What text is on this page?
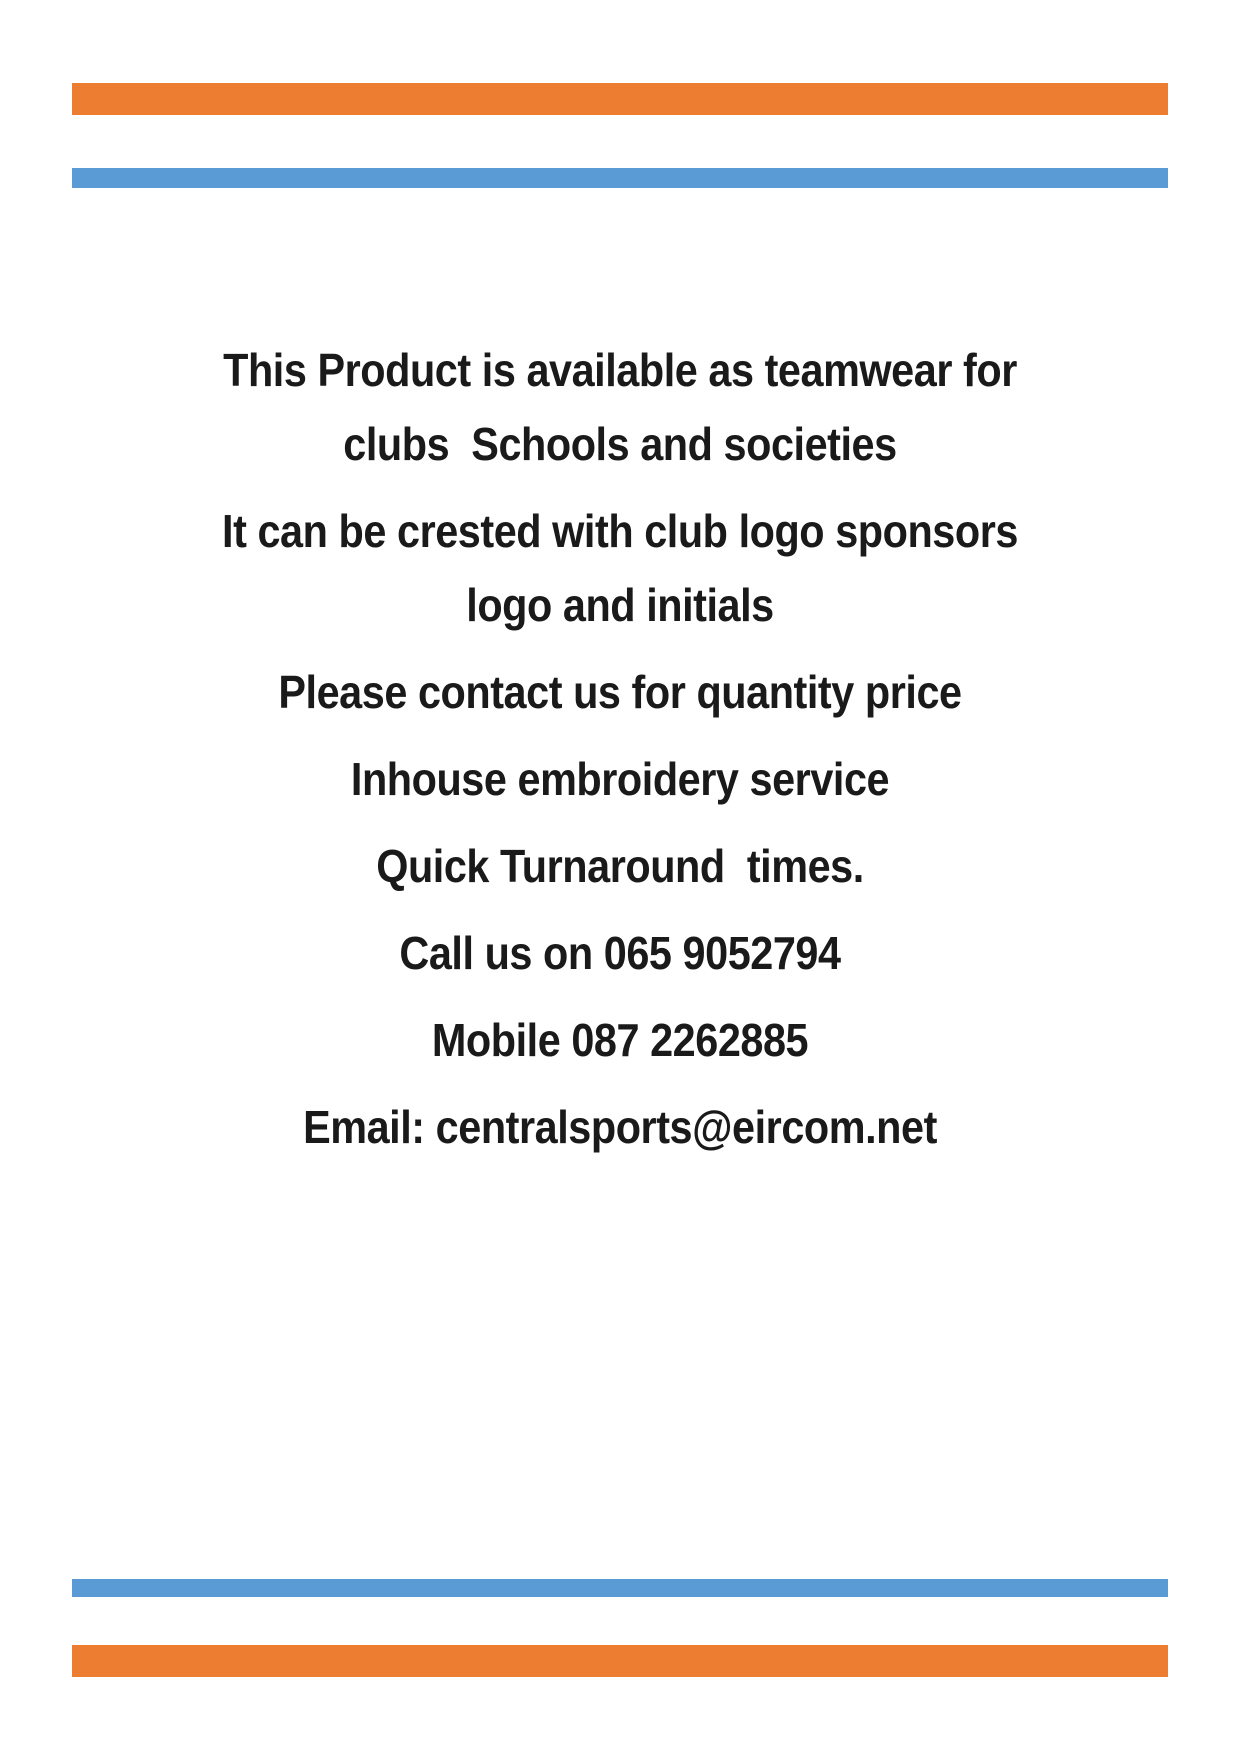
This Product is available as teamwear for
clubs  Schools and societies

It can be crested with club logo sponsors
logo and initials

Please contact us for quantity price

Inhouse embroidery service

Quick Turnaround  times.

Call us on 065 9052794

Mobile 087 2262885

Email: centralsports@eircom.net
